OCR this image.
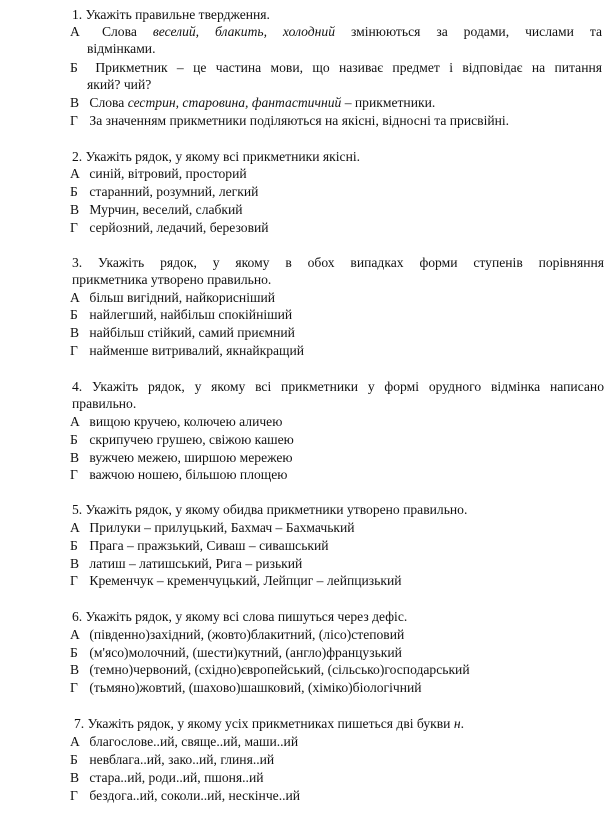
1. Укажіть правильне твердження.
А Слова веселий, блакить, холодний змінюються за родами, числами та
відмінками.
Б Прикметник – це частина мови, що називає предмет і відповідає на питання
який? чий?
В Слова сестрин, старовина, фантастичний – прикметники.
Г За значенням прикметники поділяються на якісні, відносні та присвійні.
2. Укажіть рядок, у якому всі прикметники якісні.
А синій, вітровий, просторий
Б старанний, розумний, легкий
В Мурчин, веселий, слабкий
Г серйозний, ледачий, березовий
3. Укажіть рядок, у якому в обох випадках форми ступенів порівняння
прикметника утворено правильно.
А більш вигідний, найкорисніший
Б найлегший, найбільш спокійніший
В найбільш стійкий, самий приємний
Г найменше витривалий, якнайкращий
4. Укажіть рядок, у якому всі прикметники у формі орудного відмінка написано
правильно.
А вищою кручею, колючею аличею
Б скрипучею грушею, свіжою кашею
В вужчею межею, ширшою мережею
Г важчою ношею, більшою площею
5. Укажіть рядок, у якому обидва прикметники утворено правильно.
А Прилуки – прилуцький, Бахмач – Бахмачький
Б Прага – пражзький, Сиваш – сивашський
В латиш – латишський, Рига – ризький
Г Кременчук – кременчуцький, Лейпциг – лейпцизький
6. Укажіть рядок, у якому всі слова пишуться через дефіс.
А (південно)західний, (жовто)блакитний, (лісо)степовий
Б (м'ясо)молочний, (шести)кутний, (англо)французький
В (темно)червоний, (східно)європейський, (сільсько)господарський
Г (тьмяно)жовтий, (шахово)шашковий, (хіміко)біологічний
7. Укажіть рядок, у якому усіх прикметниках пишеться дві букви н.
А благослове..ий, свяще..ий, маши..ий
Б невблага..ий, зако..ий, глиня..ий
В стара..ий, роди..ий, пшоня..ий
Г бездога..ий, соколи..ий, нескінче..ий
